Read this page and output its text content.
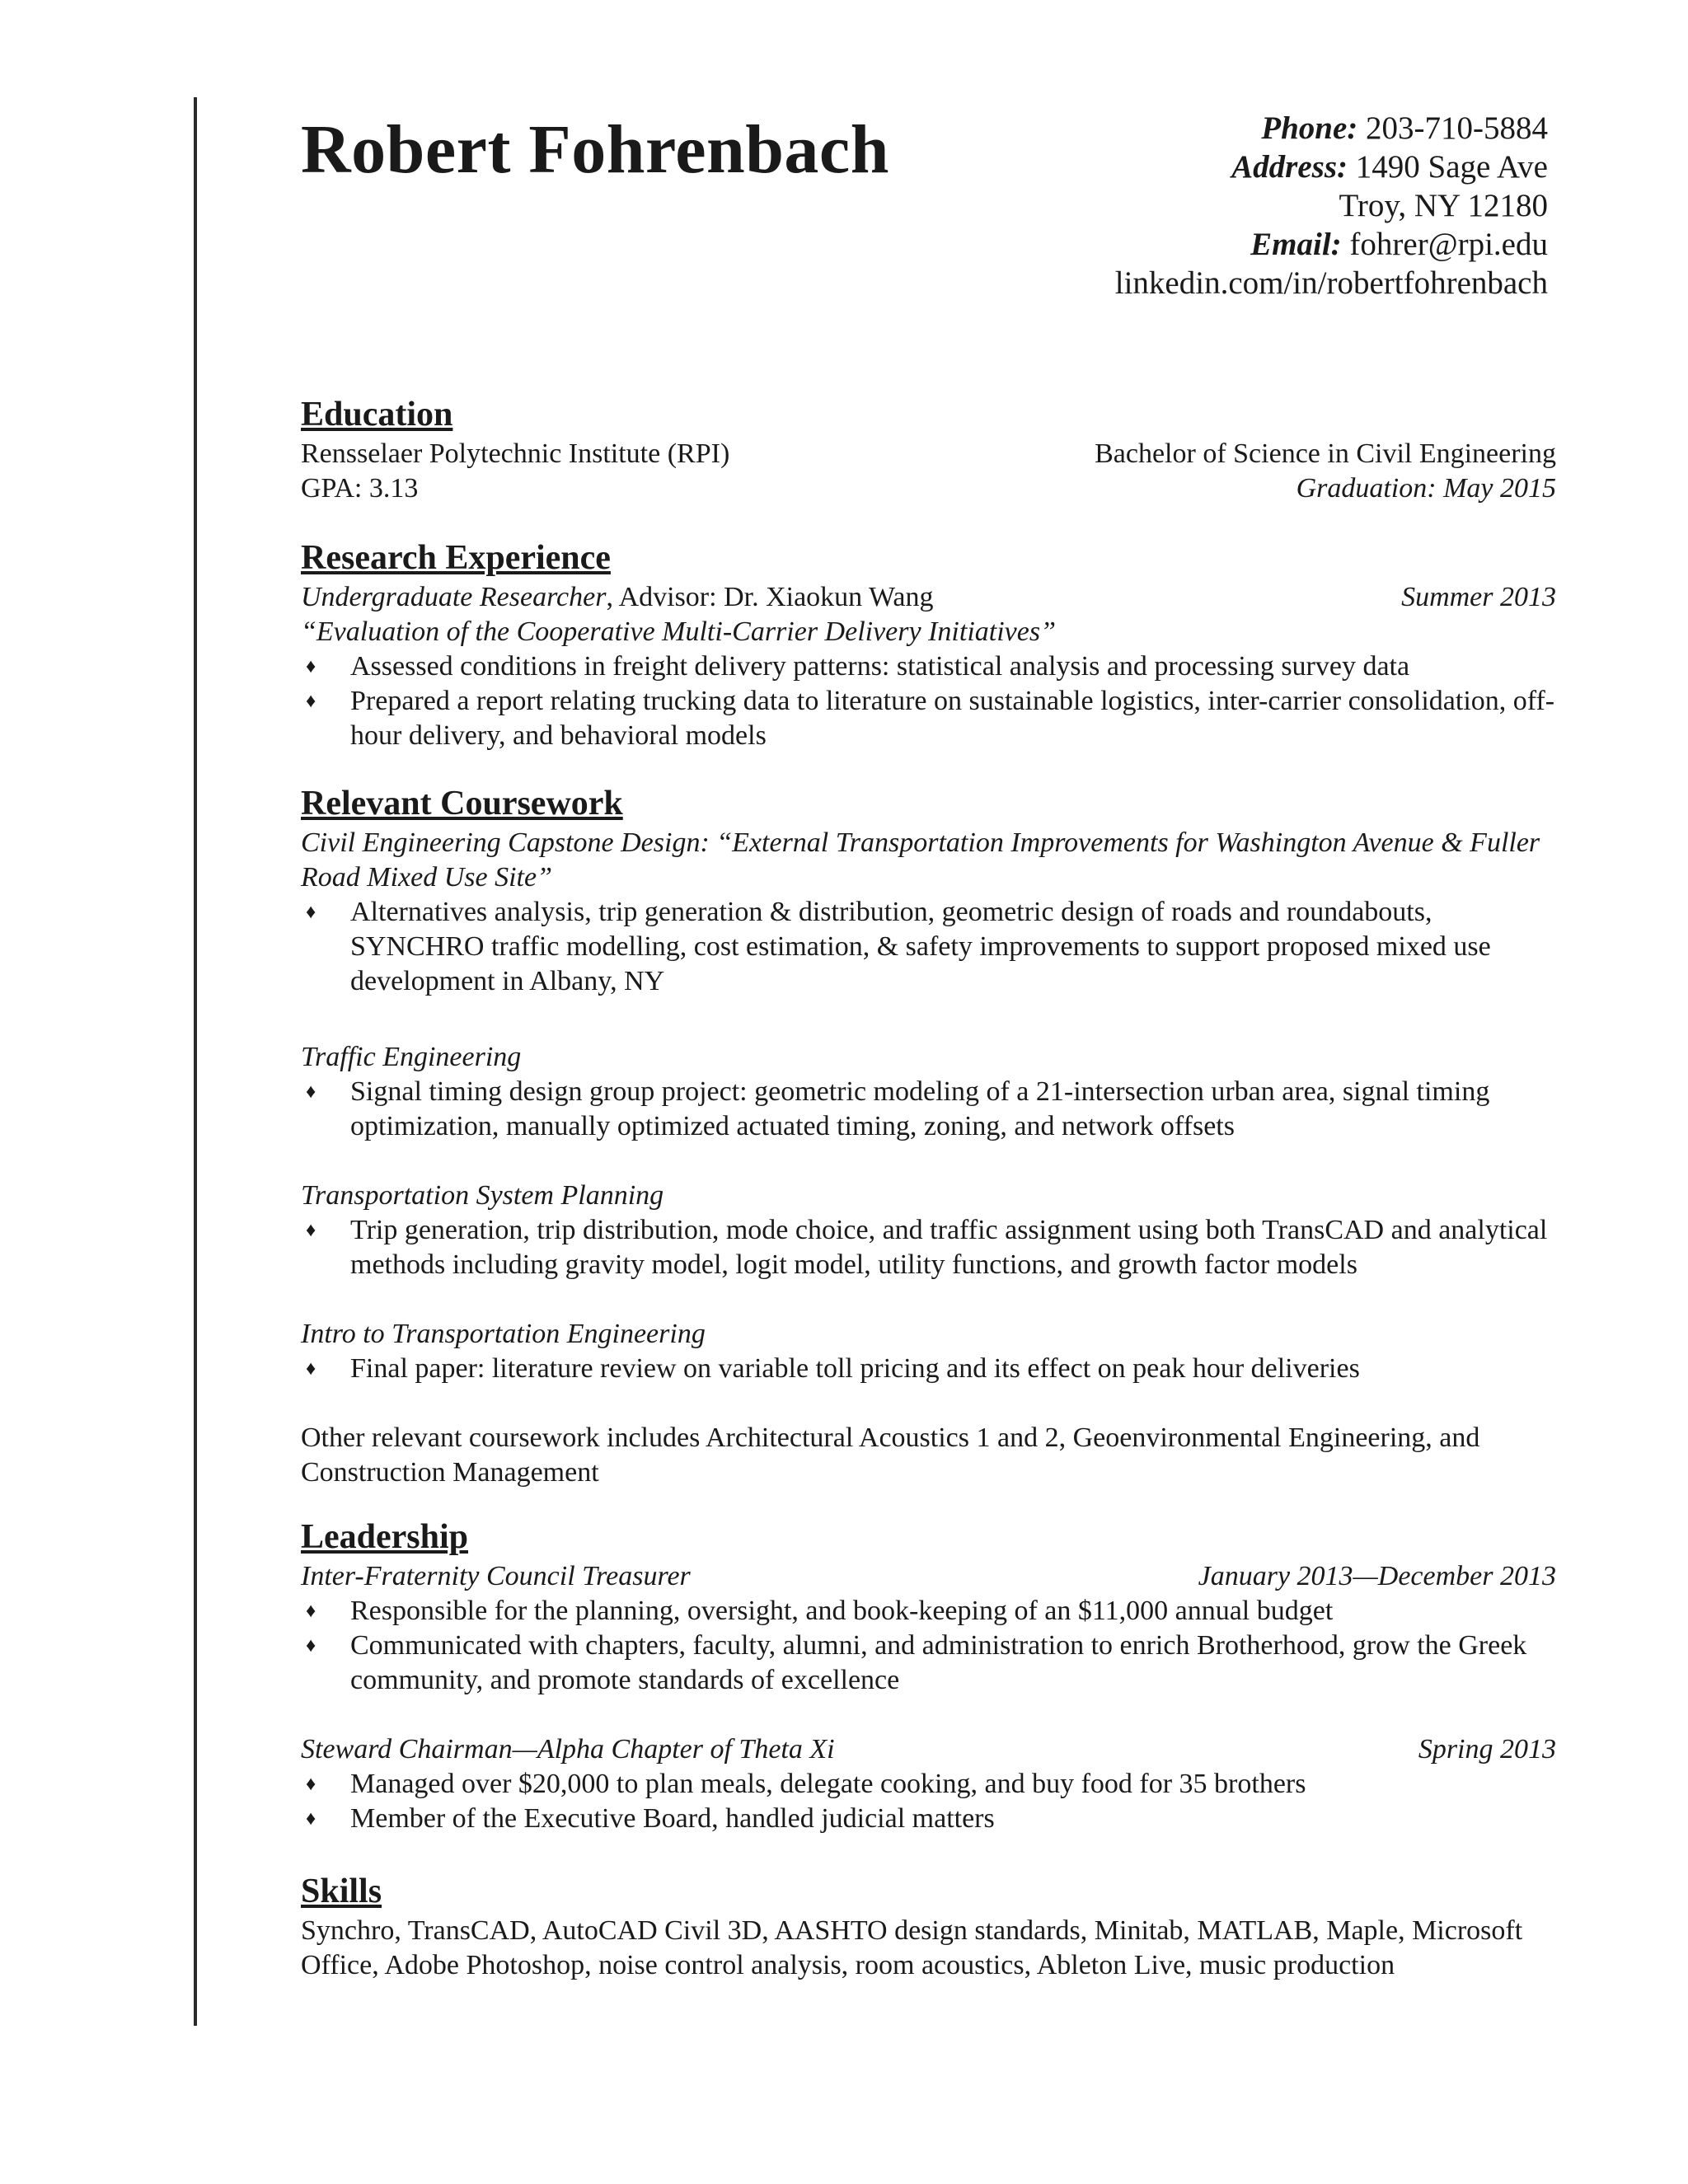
Robert Fohrenbach	Phone: 203-710-5884
Address: 1490 Sage Ave
Troy, NY 12180
Email: fohrer@rpi.edu
linkedin.com/in/robertfohrenbach
Education
Rensselaer Polytechnic Institute (RPI)	Bachelor of Science in Civil Engineering
GPA: 3.13	Graduation: May 2015
Research Experience
Undergraduate Researcher, Advisor: Dr. Xiaokun Wang	Summer 2013
“Evaluation of the Cooperative Multi-Carrier Delivery Initiatives”
♦	Assessed conditions in freight delivery patterns: statistical analysis and processing survey data
♦	Prepared a report relating trucking data to literature on sustainable logistics, inter-carrier consolidation, off-hour delivery, and behavioral models
Relevant Coursework
Civil Engineering Capstone Design: “External Transportation Improvements for Washington Avenue & Fuller Road Mixed Use Site”
♦	Alternatives analysis, trip generation & distribution, geometric design of roads and roundabouts, SYNCHRO traffic modelling, cost estimation, & safety improvements to support proposed mixed use development in Albany, NY
Traffic Engineering
♦	Signal timing design group project: geometric modeling of a 21-intersection urban area, signal timing optimization, manually optimized actuated timing, zoning, and network offsets
Transportation System Planning
♦	Trip generation, trip distribution, mode choice, and traffic assignment using both TransCAD and analytical methods including gravity model, logit model, utility functions, and growth factor models
Intro to Transportation Engineering
♦	Final paper: literature review on variable toll pricing and its effect on peak hour deliveries
Other relevant coursework includes Architectural Acoustics 1 and 2, Geoenvironmental Engineering, and Construction Management
Leadership
Inter-Fraternity Council Treasurer	January 2013—December 2013
♦	Responsible for the planning, oversight, and book-keeping of an $11,000 annual budget
♦	Communicated with chapters, faculty, alumni, and administration to enrich Brotherhood, grow the Greek community, and promote standards of excellence
Steward Chairman—Alpha Chapter of Theta Xi	Spring 2013
♦	Managed over $20,000 to plan meals, delegate cooking, and buy food for 35 brothers
♦	Member of the Executive Board, handled judicial matters
Skills
Synchro, TransCAD, AutoCAD Civil 3D, AASHTO design standards, Minitab, MATLAB, Maple, Microsoft Office, Adobe Photoshop, noise control analysis, room acoustics, Ableton Live, music production
